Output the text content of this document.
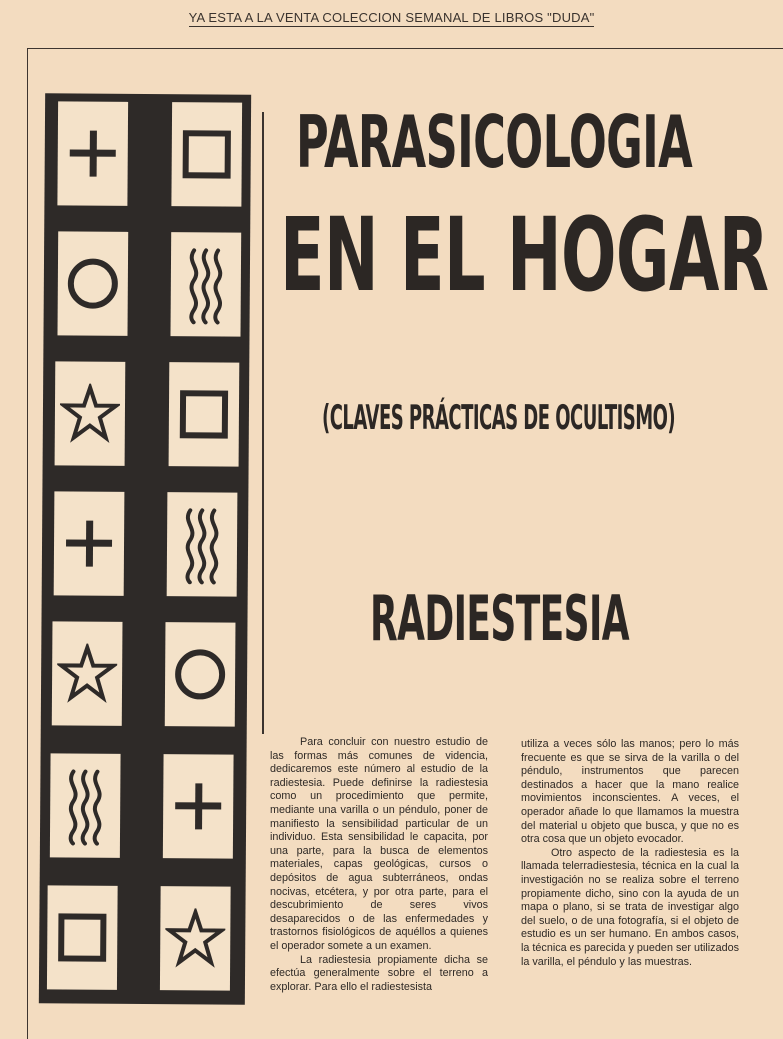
YA ESTA A LA VENTA COLECCION SEMANAL DE LIBROS "DUDA"
PARASICOLOGIA
EN EL HOGAR
(CLAVES PRÁCTICAS DE OCULTISMO)
RADIESTESIA

Para concluir con nuestro estudio de las formas más comunes de videncia, dedicaremos este número al estudio de la radiestesia. Puede definirse la radiestesia como un procedimiento que permite, mediante una varilla o un péndulo, poner de manifiesto la sensibilidad particular de un individuo. Esta sensibilidad le capacita, por una parte, para la busca de elementos materiales, capas geológicas, cursos o depósitos de agua subterráneos, ondas nocivas, etcétera, y por otra parte, para el descubrimiento de seres vivos desaparecidos o de las enfermedades y trastornos fisiológicos de aquéllos a quienes el operador somete a un examen.

La radiestesia propiamente dicha se efectúa generalmente sobre el terreno a explorar. Para ello el radiestesista

utiliza a veces sólo las manos; pero lo más frecuente es que se sirva de la varilla o del péndulo, instrumentos que parecen destinados a hacer que la mano realice movimientos inconscientes. A veces, el operador añade lo que llamamos la muestra del material u objeto que busca, y que no es otra cosa que un objeto evocador.

Otro aspecto de la radiestesia es la llamada telerradiestesia, técnica en la cual la investigación no se realiza sobre el terreno propiamente dicho, sino con la ayuda de un mapa o plano, si se trata de investigar algo del suelo, o de una fotografía, si el objeto de estudio es un ser humano. En ambos casos, la técnica es parecida y pueden ser utilizados la varilla, el péndulo y las muestras.
